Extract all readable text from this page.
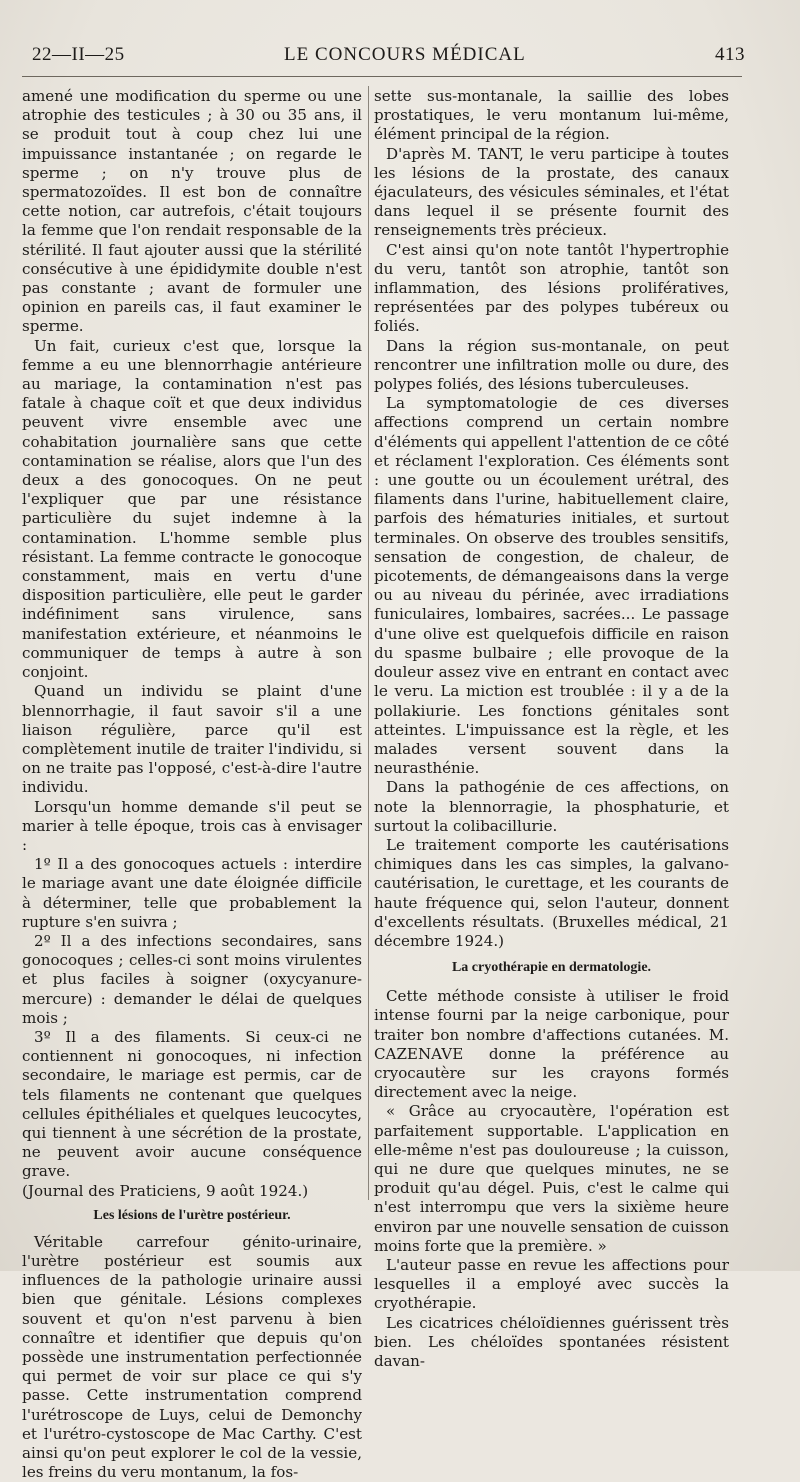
22—II—25	LE CONCOURS MÉDICAL	413

amené une modification du sperme ou une atrophie des testicules ; à 30 ou 35 ans, il se produit tout à coup chez lui une impuissance instantanée ; on regarde le sperme ; on n'y trouve plus de spermatozoïdes. Il est bon de connaître cette notion, car autrefois, c'était toujours la femme que l'on rendait responsable de la stérilité. Il faut ajouter aussi que la stérilité consécutive à une épididymite double n'est pas constante ; avant de formuler une opinion en pareils cas, il faut examiner le sperme.

Un fait, curieux c'est que, lorsque la femme a eu une blennorrhagie antérieure au mariage, la contamination n'est pas fatale à chaque coït et que deux individus peuvent vivre ensemble avec une cohabitation journalière sans que cette contamination se réalise, alors que l'un des deux a des gonocoques. On ne peut l'expliquer que par une résistance particulière du sujet indemne à la contamination. L'homme semble plus résistant. La femme contracte le gonocoque constamment, mais en vertu d'une disposition particulière, elle peut le garder indéfiniment sans virulence, sans manifestation extérieure, et néanmoins le communiquer de temps à autre à son conjoint.

Quand un individu se plaint d'une blennorrhagie, il faut savoir s'il a une liaison régulière, parce qu'il est complètement inutile de traiter l'individu, si on ne traite pas l'opposé, c'est-à-dire l'autre individu.

Lorsqu'un homme demande s'il peut se marier à telle époque, trois cas à envisager :

1º Il a des gonocoques actuels : interdire le mariage avant une date éloignée difficile à déterminer, telle que probablement la rupture s'en suivra ;

2º Il a des infections secondaires, sans gonocoques ; celles-ci sont moins virulentes et plus faciles à soigner (oxycyanure-mercure) : demander le délai de quelques mois ;

3º Il a des filaments. Si ceux-ci ne contiennent ni gonocoques, ni infection secondaire, le mariage est permis, car de tels filaments ne contenant que quelques cellules épithéliales et quelques leucocytes, qui tiennent à une sécrétion de la prostate, ne peuvent avoir aucune conséquence grave.

(Journal des Praticiens, 9 août 1924.)

Les lésions de l'urètre postérieur.

Véritable carrefour génito-urinaire, l'urètre postérieur est soumis aux influences de la pathologie urinaire aussi bien que génitale. Lésions complexes souvent et qu'on n'est parvenu à bien connaître et identifier que depuis qu'on possède une instrumentation perfectionnée qui permet de voir sur place ce qui s'y passe. Cette instrumentation comprend l'urétroscope de Luys, celui de Demonchy et l'urétro-cystoscope de Mac Carthy. C'est ainsi qu'on peut explorer le col de la vessie, les freins du veru montanum, la fos-

sette sus-montanale, la saillie des lobes prostatiques, le veru montanum lui-même, élément principal de la région.

D'après M. TANT, le veru participe à toutes les lésions de la prostate, des canaux éjaculateurs, des vésicules séminales, et l'état dans lequel il se présente fournit des renseignements très précieux.

C'est ainsi qu'on note tantôt l'hypertrophie du veru, tantôt son atrophie, tantôt son inflammation, des lésions prolifératives, représentées par des polypes tubéreux ou foliés.

Dans la région sus-montanale, on peut rencontrer une infiltration molle ou dure, des polypes foliés, des lésions tuberculeuses.

La symptomatologie de ces diverses affections comprend un certain nombre d'éléments qui appellent l'attention de ce côté et réclament l'exploration. Ces éléments sont : une goutte ou un écoulement urétral, des filaments dans l'urine, habituellement claire, parfois des hématuries initiales, et surtout terminales. On observe des troubles sensitifs, sensation de congestion, de chaleur, de picotements, de démangeaisons dans la verge ou au niveau du périnée, avec irradiations funiculaires, lombaires, sacrées... Le passage d'une olive est quelquefois difficile en raison du spasme bulbaire ; elle provoque de la douleur assez vive en entrant en contact avec le veru. La miction est troublée : il y a de la pollakiurie. Les fonctions génitales sont atteintes. L'impuissance est la règle, et les malades versent souvent dans la neurasthénie.

Dans la pathogénie de ces affections, on note la blennorragie, la phosphaturie, et surtout la colibacillurie.

Le traitement comporte les cautérisations chimiques dans les cas simples, la galvano-cautérisation, le curettage, et les courants de haute fréquence qui, selon l'auteur, donnent d'excellents résultats. (Bruxelles médical, 21 décembre 1924.)

La cryothérapie en dermatologie.

Cette méthode consiste à utiliser le froid intense fourni par la neige carbonique, pour traiter bon nombre d'affections cutanées. M. CAZENAVE donne la préférence au cryocautère sur les crayons formés directement avec la neige.

« Grâce au cryocautère, l'opération est parfaitement supportable. L'application en elle-même n'est pas douloureuse ; la cuisson, qui ne dure que quelques minutes, ne se produit qu'au dégel. Puis, c'est le calme qui n'est interrompu que vers la sixième heure environ par une nouvelle sensation de cuisson moins forte que la première. »

L'auteur passe en revue les affections pour lesquelles il a employé avec succès la cryothérapie.

Les cicatrices chéloïdiennes guérissent très bien. Les chéloïdes spontanées résistent davan-
